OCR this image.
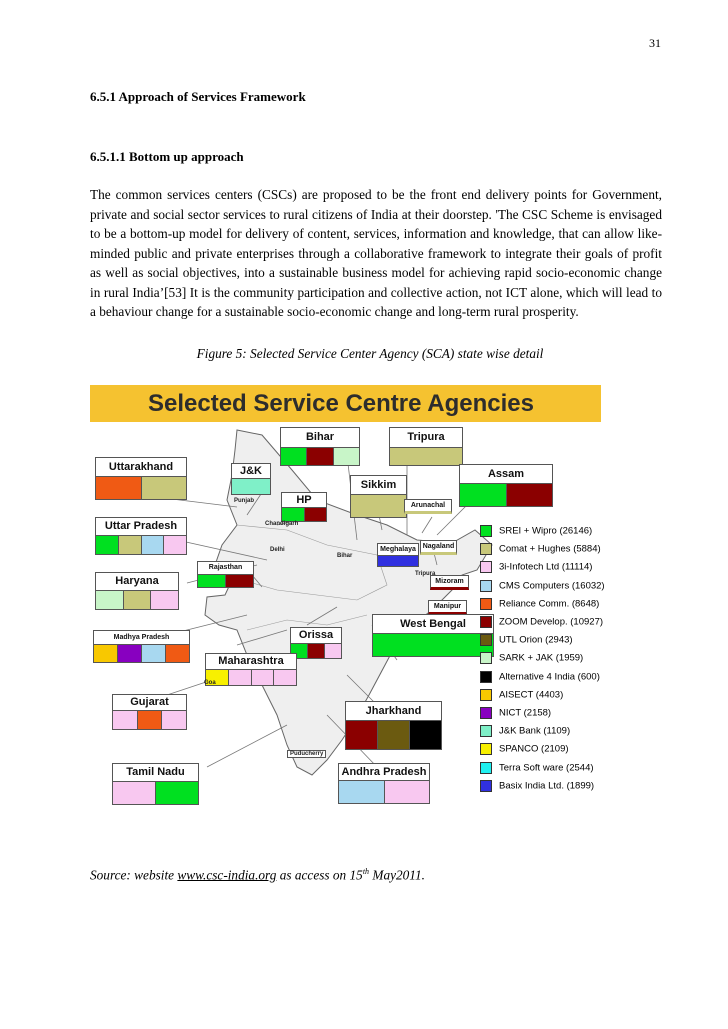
31
6.5.1 Approach of Services Framework
6.5.1.1 Bottom up approach
The common services centers (CSCs) are proposed to be the front end delivery points for Government, private and social sector services to rural citizens of India at their doorstep. 'The CSC Scheme is envisaged to be a bottom-up model for delivery of content, services, information and knowledge, that can allow like-minded public and private enterprises through a collaborative framework to integrate their goals of profit as well as social objectives, into a sustainable business model for achieving rapid socio-economic change in rural India’[53] It is the community participation and collective action, not ICT alone, which will lead to a behaviour change for a sustainable socio-economic change and long-term rural prosperity.
Figure 5: Selected Service Center Agency (SCA) state wise detail
Selected Service Centre Agencies
Bihar	Tripura
Uttarakhand	J&K
Sikkim
Assam
HP	Arunachal
Uttar Pradesh
Nagaland
Haryana
Rajasthan
Meghalaya
Mizoram
Manipur
Madhya Pradesh	Orissa
West Bengal
Maharashtra
Gujarat
Jharkhand
Tamil Nadu	Andhra Pradesh
Punjab
Chandigarh
Delhi
Bihar
Tripura
Goa
Puducherry
SREI + Wipro (26146)
Comat + Hughes (5884)
3i-Infotech Ltd (11114)
CMS Computers (16032)
Reliance Comm. (8648)
ZOOM Develop. (10927)
UTL Orion (2943)
SARK + JAK (1959)
Alternative 4 India (600)
AISECT (4403)
NICT (2158)
J&K Bank (1109)
SPANCO (2109)
Terra Soft ware (2544)
Basix India Ltd. (1899)
Source: website www.csc-india.org as access on 15th May2011.
